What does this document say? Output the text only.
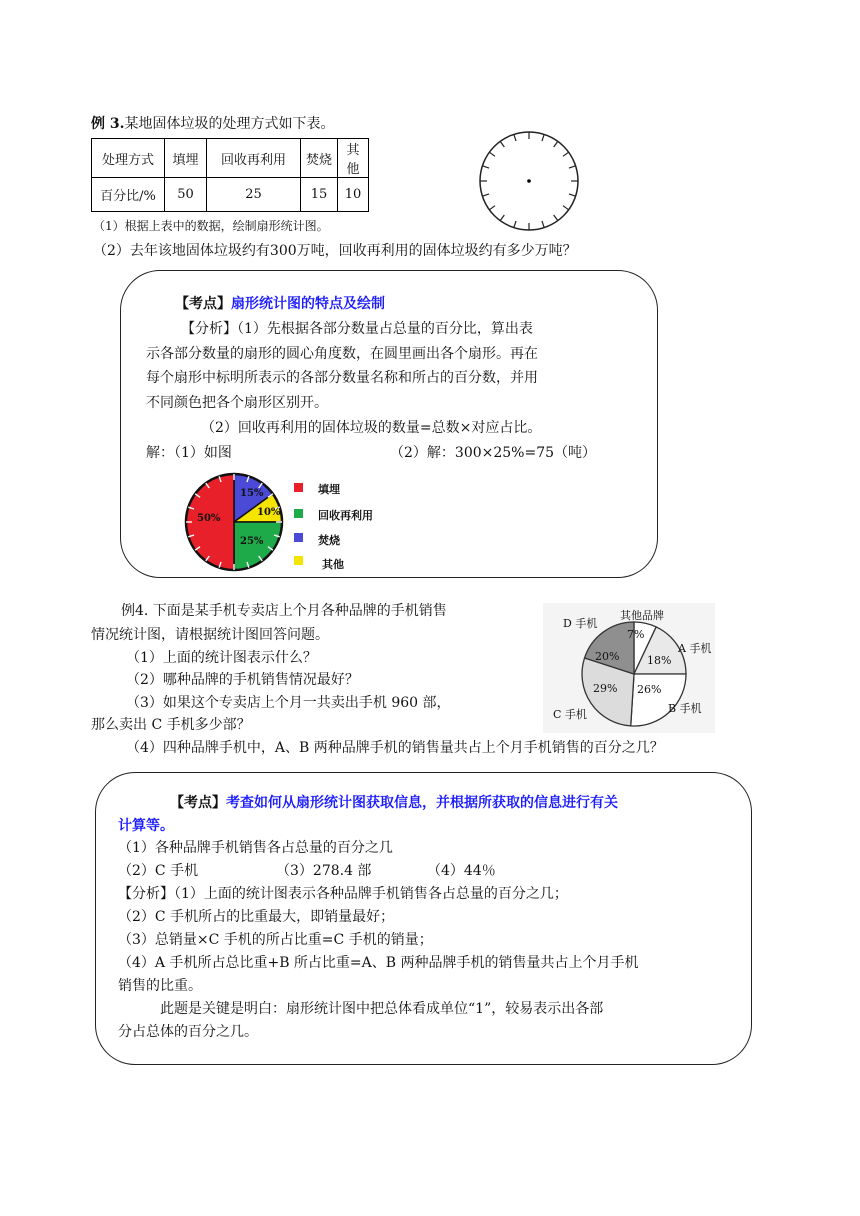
例 3.某地固体垃圾的处理方式如下表。
处理方式	填埋	回收再利用	焚烧	其他
百分比/%	50	25	15	10
（1）根据上表中的数据，绘制扇形统计图。
（2）去年该地固体垃圾约有300万吨，回收再利用的固体垃圾约有多少万吨？
【考点】扇形统计图的特点及绘制
【分析】（1）先根据各部分数量占总量的百分比，算出表
示各部分数量的扇形的圆心角度数，在圆里画出各个扇形。再在
每个扇形中标明所表示的各部分数量名称和所占的百分数，并用
不同颜色把各个扇形区别开。
（2）回收再利用的固体垃圾的数量=总数×对应占比。
解：（1）如图	（2）解：300×25%=75（吨）
50%
15%
10%
25%
填埋
回收再利用
焚烧
其他
例4. 下面是某手机专卖店上个月各种品牌的手机销售
情况统计图，请根据统计图回答问题。
（1）上面的统计图表示什么？
（2）哪种品牌的手机销售情况最好？
（3）如果这个专卖店上个月一共卖出手机 960 部，
那么卖出 C 手机多少部？
（4）四种品牌手机中，A、B 两种品牌手机的销售量共占上个月手机销售的百分之几？
D 手机
其他品牌
A 手机
B 手机
C 手机
7%
18%
26%
29%
20%
【考点】考查如何从扇形统计图获取信息，并根据所获取的信息进行有关
计算等。
（1）各种品牌手机销售各占总量的百分之几
（2）C 手机	（3）278.4 部	（4）44％
【分析】（1）上面的统计图表示各种品牌手机销售各占总量的百分之几；
（2）C 手机所占的比重最大，即销量最好；
（3）总销量×C 手机的所占比重=C 手机的销量；
（4）A 手机所占总比重+B 所占比重=A、B 两种品牌手机的销售量共占上个月手机
销售的比重。
此题是关键是明白：扇形统计图中把总体看成单位“1”，较易表示出各部
分占总体的百分之几。
